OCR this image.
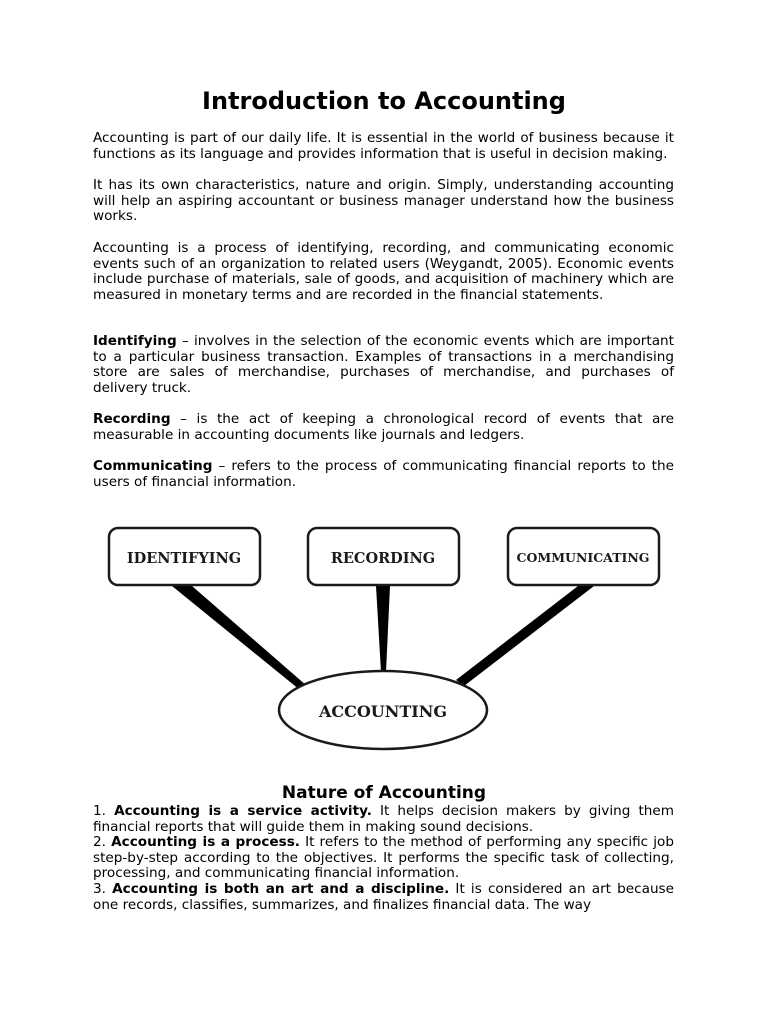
Introduction to Accounting

Accounting is part of our daily life. It is essential in the world of business because it functions as its language and provides information that is useful in decision making.

It has its own characteristics, nature and origin. Simply, understanding accounting will help an aspiring accountant or business manager understand how the business works.

Accounting is a process of identifying, recording, and communicating economic events such of an organization to related users (Weygandt, 2005). Economic events include purchase of materials, sale of goods, and acquisition of machinery which are measured in monetary terms and are recorded in the financial statements.

Identifying – involves in the selection of the economic events which are important to a particular business transaction. Examples of transactions in a merchandising store are sales of merchandise, purchases of merchandise, and purchases of delivery truck.

Recording – is the act of keeping a chronological record of events that are measurable in accounting documents like journals and ledgers.

Communicating – refers to the process of communicating financial reports to the users of financial information.

IDENTIFYING	RECORDING	COMMUNICATING
ACCOUNTING
Nature of Accounting
1. Accounting is a service activity. It helps decision makers by giving them financial reports that will guide them in making sound decisions.
2. Accounting is a process. It refers to the method of performing any specific job step-by-step according to the objectives. It performs the specific task of collecting, processing, and communicating financial information.
3. Accounting is both an art and a discipline. It is considered an art because one records, classifies, summarizes, and finalizes financial data. The way
